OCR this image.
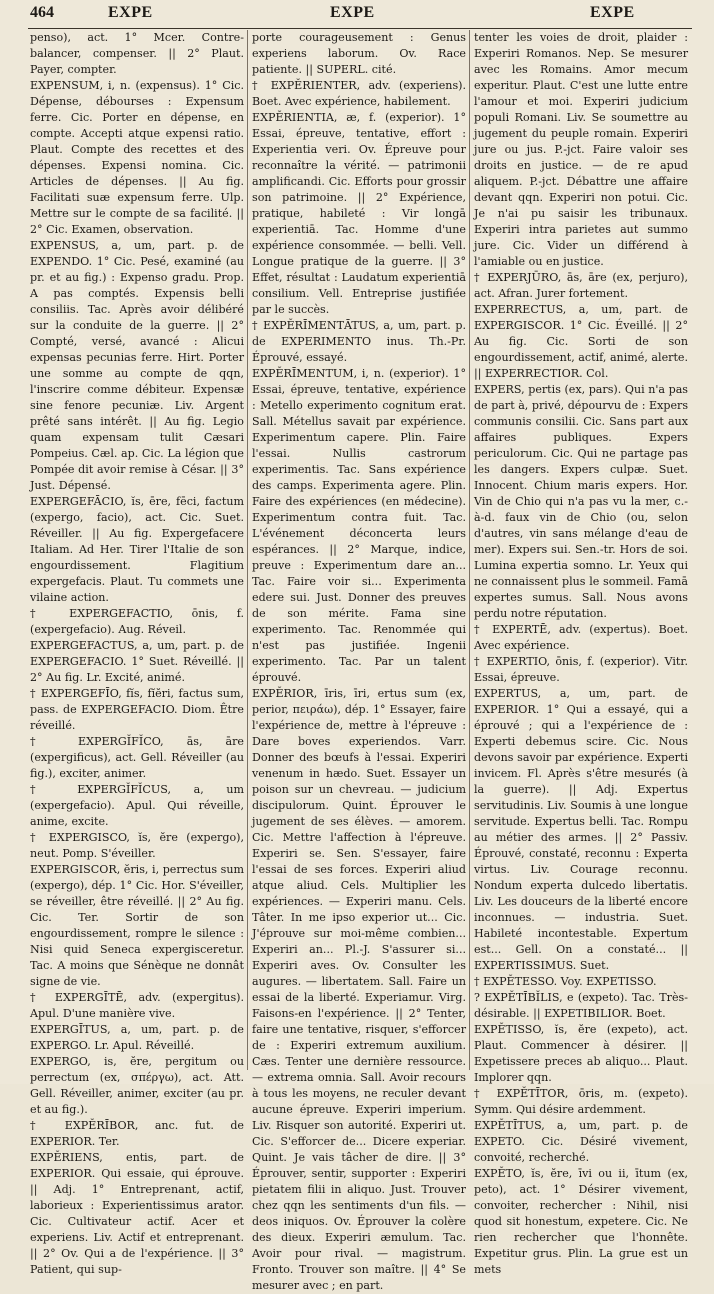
464	EXPE	EXPE	EXPE

penso), act. 1° Mcer. Contre-balancer, compenser. || 2° Plaut. Payer, compter.

EXPENSUM, i, n. (expensus). 1° Cic. Dépense, débourses : Expensum ferre. Cic. Porter en dépense, en compte. Accepti atque expensi ratio. Plaut. Compte des recettes et des dépenses. Expensi nomina. Cic. Articles de dépenses. || Au fig. Facilitati suæ expensum ferre. Ulp. Mettre sur le compte de sa facilité. || 2° Cic. Examen, observation.

EXPENSUS, a, um, part. p. de EXPENDO. 1° Cic. Pesé, examiné (au pr. et au fig.) : Expenso gradu. Prop. A pas comptés. Expensis belli consiliis. Tac. Après avoir délibéré sur la conduite de la guerre. || 2° Compté, versé, avancé : Alicui expensas pecunias ferre. Hirt. Porter une somme au compte de qqn, l'inscrire comme débiteur. Expensæ sine fenore pecuniæ. Liv. Argent prêté sans intérêt. || Au fig. Legio quam expensam tulit Cæsari Pompeius. Cæl. ap. Cic. La légion que Pompée dit avoir remise à César. || 3° Just. Dépensé.

EXPERGEFĀCIO, ĭs, ēre, fēci, factum (expergo, facio), act. Cic. Suet. Réveiller. || Au fig. Expergefacere Italiam. Ad Her. Tirer l'Italie de son engourdissement. Flagitium expergefacis. Plaut. Tu commets une vilaine action.

† EXPERGEFACTIO, ōnis, f. (expergefacio). Aug. Réveil.

EXPERGEFACTUS, a, um, part. p. de EXPERGEFACIO. 1° Suet. Réveillé. || 2° Au fig. Lr. Excité, animé.

† EXPERGEFĪO, fĭs, fĭĕri, factus sum, pass. de EXPERGEFACIO. Diom. Être réveillé.

† EXPERGĬFĬCO, ās, āre (expergificus), act. Gell. Réveiller (au fig.), exciter, animer.

† EXPERGĬFĬCUS, a, um (expergefacio). Apul. Qui réveille, anime, excite.

† EXPERGISCO, ĭs, ĕre (expergo), neut. Pomp. S'éveiller.

EXPERGISCOR, ĕris, i, perrectus sum (expergo), dép. 1° Cic. Hor. S'éveiller, se réveiller, être réveillé. || 2° Au fig. Cic. Ter. Sortir de son engourdissement, rompre le silence : Nisi quid Seneca expergisceretur. Tac. A moins que Sénèque ne donnât signe de vie.

† EXPERGĪTĒ, adv. (expergitus). Apul. D'une manière vive.

EXPERGĪTUS, a, um, part. p. de EXPERGO. Lr. Apul. Réveillé.

EXPERGO, is, ĕre, pergitum ou perrectum (ex, σπέργω), act. Att. Gell. Réveiller, animer, exciter (au pr. et au fig.).

† EXPĔRĪBOR, anc. fut. de EXPERIOR. Ter.

EXPĔRIENS, entis, part. de EXPERIOR. Qui essaie, qui éprouve. || Adj. 1° Entreprenant, actif, laborieux : Experientissimus arator. Cic. Cultivateur actif. Acer et experiens. Liv. Actif et entreprenant. || 2° Ov. Qui a de l'expérience. || 3° Patient, qui sup-

porte courageusement : Genus experiens laborum. Ov. Race patiente. || SUPERL. cité.

† EXPĔRIENTER, adv. (experiens). Boet. Avec expérience, habilement.

EXPĔRIENTIA, æ, f. (experior). 1° Essai, épreuve, tentative, effort : Experientia veri. Ov. Épreuve pour reconnaître la vérité. — patrimonii amplificandi. Cic. Efforts pour grossir son patrimoine. || 2° Expérience, pratique, habileté : Vir longā experientiā. Tac. Homme d'une expérience consommée. — belli. Vell. Longue pratique de la guerre. || 3° Effet, résultat : Laudatum experientiā consilium. Vell. Entreprise justifiée par le succès.

† EXPĔRĪMENTĀTUS, a, um, part. p. de EXPERIMENTO inus. Th.-Pr. Éprouvé, essayé.

EXPĔRĪMENTUM, i, n. (experior). 1° Essai, épreuve, tentative, expérience : Metello experimento cognitum erat. Sall. Métellus savait par expérience. Experimentum capere. Plin. Faire l'essai. Nullis castrorum experimentis. Tac. Sans expérience des camps. Experimenta agere. Plin. Faire des expériences (en médecine). Experimentum contra fuit. Tac. L'événement déconcerta leurs espérances. || 2° Marque, indice, preuve : Experimentum dare an... Tac. Faire voir si... Experimenta edere sui. Just. Donner des preuves de son mérite. Fama sine experimento. Tac. Renommée qui n'est pas justifiée. Ingenii experimento. Tac. Par un talent éprouvé.

EXPĔRIOR, īris, īri, ertus sum (ex, perior, πειράω), dép. 1° Essayer, faire l'expérience de, mettre à l'épreuve : Dare boves experiendos. Varr. Donner des bœufs à l'essai. Experiri venenum in hædo. Suet. Essayer un poison sur un chevreau. — judicium discipulorum. Quint. Éprouver le jugement de ses élèves. — amorem. Cic. Mettre l'affection à l'épreuve. Experiri se. Sen. S'essayer, faire l'essai de ses forces. Experiri aliud atque aliud. Cels. Multiplier les expériences. — Experiri manu. Cels. Tâter. In me ipso experior ut... Cic. J'éprouve sur moi-même combien... Experiri an... Pl.-J. S'assurer si... Experiri aves. Ov. Consulter les augures. — libertatem. Sall. Faire un essai de la liberté. Experiamur. Virg. Faisons-en l'expérience. || 2° Tenter, faire une tentative, risquer, s'efforcer de : Experiri extremum auxilium. Cæs. Tenter une dernière ressource. — extrema omnia. Sall. Avoir recours à tous les moyens, ne reculer devant aucune épreuve. Experiri imperium. Liv. Risquer son autorité. Experiri ut. Cic. S'efforcer de... Dicere experiar. Quint. Je vais tâcher de dire. || 3° Éprouver, sentir, supporter : Experiri pietatem filii in aliquo. Just. Trouver chez qqn les sentiments d'un fils. — deos iniquos. Ov. Éprouver la colère des dieux. Experiri æmulum. Tac. Avoir pour rival. — magistrum. Fronto. Trouver son maître. || 4° Se mesurer avec ; en part.

tenter les voies de droit, plaider : Experiri Romanos. Nep. Se mesurer avec les Romains. Amor mecum experitur. Plaut. C'est une lutte entre l'amour et moi. Experiri judicium populi Romani. Liv. Se soumettre au jugement du peuple romain. Experiri jure ou jus. P.-jct. Faire valoir ses droits en justice. — de re apud aliquem. P.-jct. Débattre une affaire devant qqn. Experiri non potui. Cic. Je n'ai pu saisir les tribunaux. Experiri intra parietes aut summo jure. Cic. Vider un différend à l'amiable ou en justice.

† EXPERJŪRO, ās, āre (ex, perjuro), act. Afran. Jurer fortement.

EXPERRECTUS, a, um, part. de EXPERGISCOR. 1° Cic. Éveillé. || 2° Au fig. Cic. Sorti de son engourdissement, actif, animé, alerte. || EXPERRECTIOR. Col.

EXPERS, pertis (ex, pars). Qui n'a pas de part à, privé, dépourvu de : Expers communis consilii. Cic. Sans part aux affaires publiques. Expers periculorum. Cic. Qui ne partage pas les dangers. Expers culpæ. Suet. Innocent. Chium maris expers. Hor. Vin de Chio qui n'a pas vu la mer, c.-à-d. faux vin de Chio (ou, selon d'autres, vin sans mélange d'eau de mer). Expers sui. Sen.-tr. Hors de soi. Lumina expertia somno. Lr. Yeux qui ne connaissent plus le sommeil. Famā expertes sumus. Sall. Nous avons perdu notre réputation.

† EXPERTĒ, adv. (expertus). Boet. Avec expérience.

† EXPERTIO, ōnis, f. (experior). Vitr. Essai, épreuve.

EXPERTUS, a, um, part. de EXPERIOR. 1° Qui a essayé, qui a éprouvé ; qui a l'expérience de : Experti debemus scire. Cic. Nous devons savoir par expérience. Experti invicem. Fl. Après s'être mesurés (à la guerre). || Adj. Expertus servitudinis. Liv. Soumis à une longue servitude. Expertus belli. Tac. Rompu au métier des armes. || 2° Passiv. Éprouvé, constaté, reconnu : Experta virtus. Liv. Courage reconnu. Nondum experta dulcedo libertatis. Liv. Les douceurs de la liberté encore inconnues. — industria. Suet. Habileté incontestable. Expertum est... Gell. On a constaté... || EXPERTISSIMUS. Suet.

† EXPĔTESSO. Voy. EXPETISSO.

? EXPĔTĪBĬLIS, e (expeto). Tac. Très-désirable. || EXPETIBILIOR. Boet.

EXPĔTISSO, ĭs, ĕre (expeto), act. Plaut. Commencer à désirer. || Expetissere preces ab aliquo... Plaut. Implorer qqn.

† EXPĔTĪTOR, ōris, m. (expeto). Symm. Qui désire ardemment.

EXPĔTĪTUS, a, um, part. p. de EXPETO. Cic. Désiré vivement, convoité, recherché.

EXPĔTO, ĭs, ĕre, īvi ou ii, ītum (ex, peto), act. 1° Désirer vivement, convoiter, rechercher : Nihil, nisi quod sit honestum, expetere. Cic. Ne rien rechercher que l'honnête. Expetitur grus. Plin. La grue est un mets
